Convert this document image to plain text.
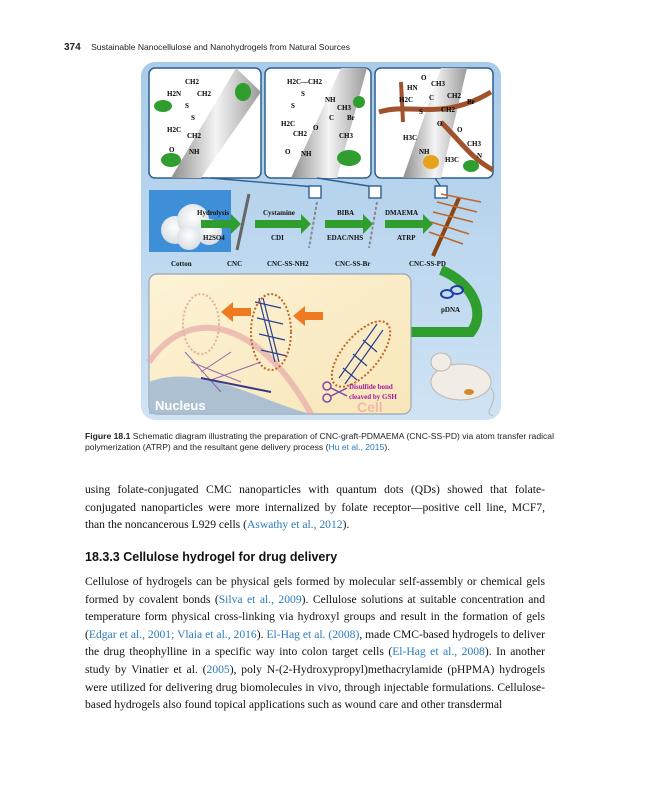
374 Sustainable Nanocellulose and Nanohydrogels from Natural Sources
CH2
H2N CH2
S
S
H2C
CH2
O NH
H2C—CH2
S
S
NH
CH3
C Br
H2C
CH2
O
CH3
O NH
O
CH3
HN
C CH2
Br
S
H2C
CH2
O
O
H3C
NH
CH3
H3C	N
Hydrolysis
H2SO4
Cystamine
CDI
BIBA
EDAC/NHS
DMAEMA
ATRP
Cotton	CNC	CNC-SS-NH2	CNC-SS-Br	CNC-SS-PD
pDNA
Disulfide bond
cleaved by GSH
Nucleus	Cell
Figure 18.1 Schematic diagram illustrating the preparation of CNC-graft-PDMAEMA (CNC-SS-PD) via atom transfer radical polymerization (ATRP) and the resultant gene delivery process (Hu et al., 2015).
using folate-conjugated CMC nanoparticles with quantum dots (QDs) showed that folate-conjugated nanoparticles were more internalized by folate receptor—positive cell line, MCF7, than the noncancerous L929 cells (Aswathy et al., 2012).
18.3.3 Cellulose hydrogel for drug delivery
Cellulose of hydrogels can be physical gels formed by molecular self-assembly or chemical gels formed by covalent bonds (Silva et al., 2009). Cellulose solutions at suitable concentration and temperature form physical cross-linking via hydroxyl groups and result in the formation of gels (Edgar et al., 2001; Vlaia et al., 2016). El-Hag et al. (2008), made CMC-based hydrogels to deliver the drug theophylline in a specific way into colon target cells (El-Hag et al., 2008). In another study by Vinatier et al. (2005), poly N-(2-Hydroxypropyl)methacrylamide (pHPMA) hydrogels were utilized for delivering drug biomolecules in vivo, through injectable formulations. Cellulose-based hydrogels also found topical applications such as wound care and other transdermal
